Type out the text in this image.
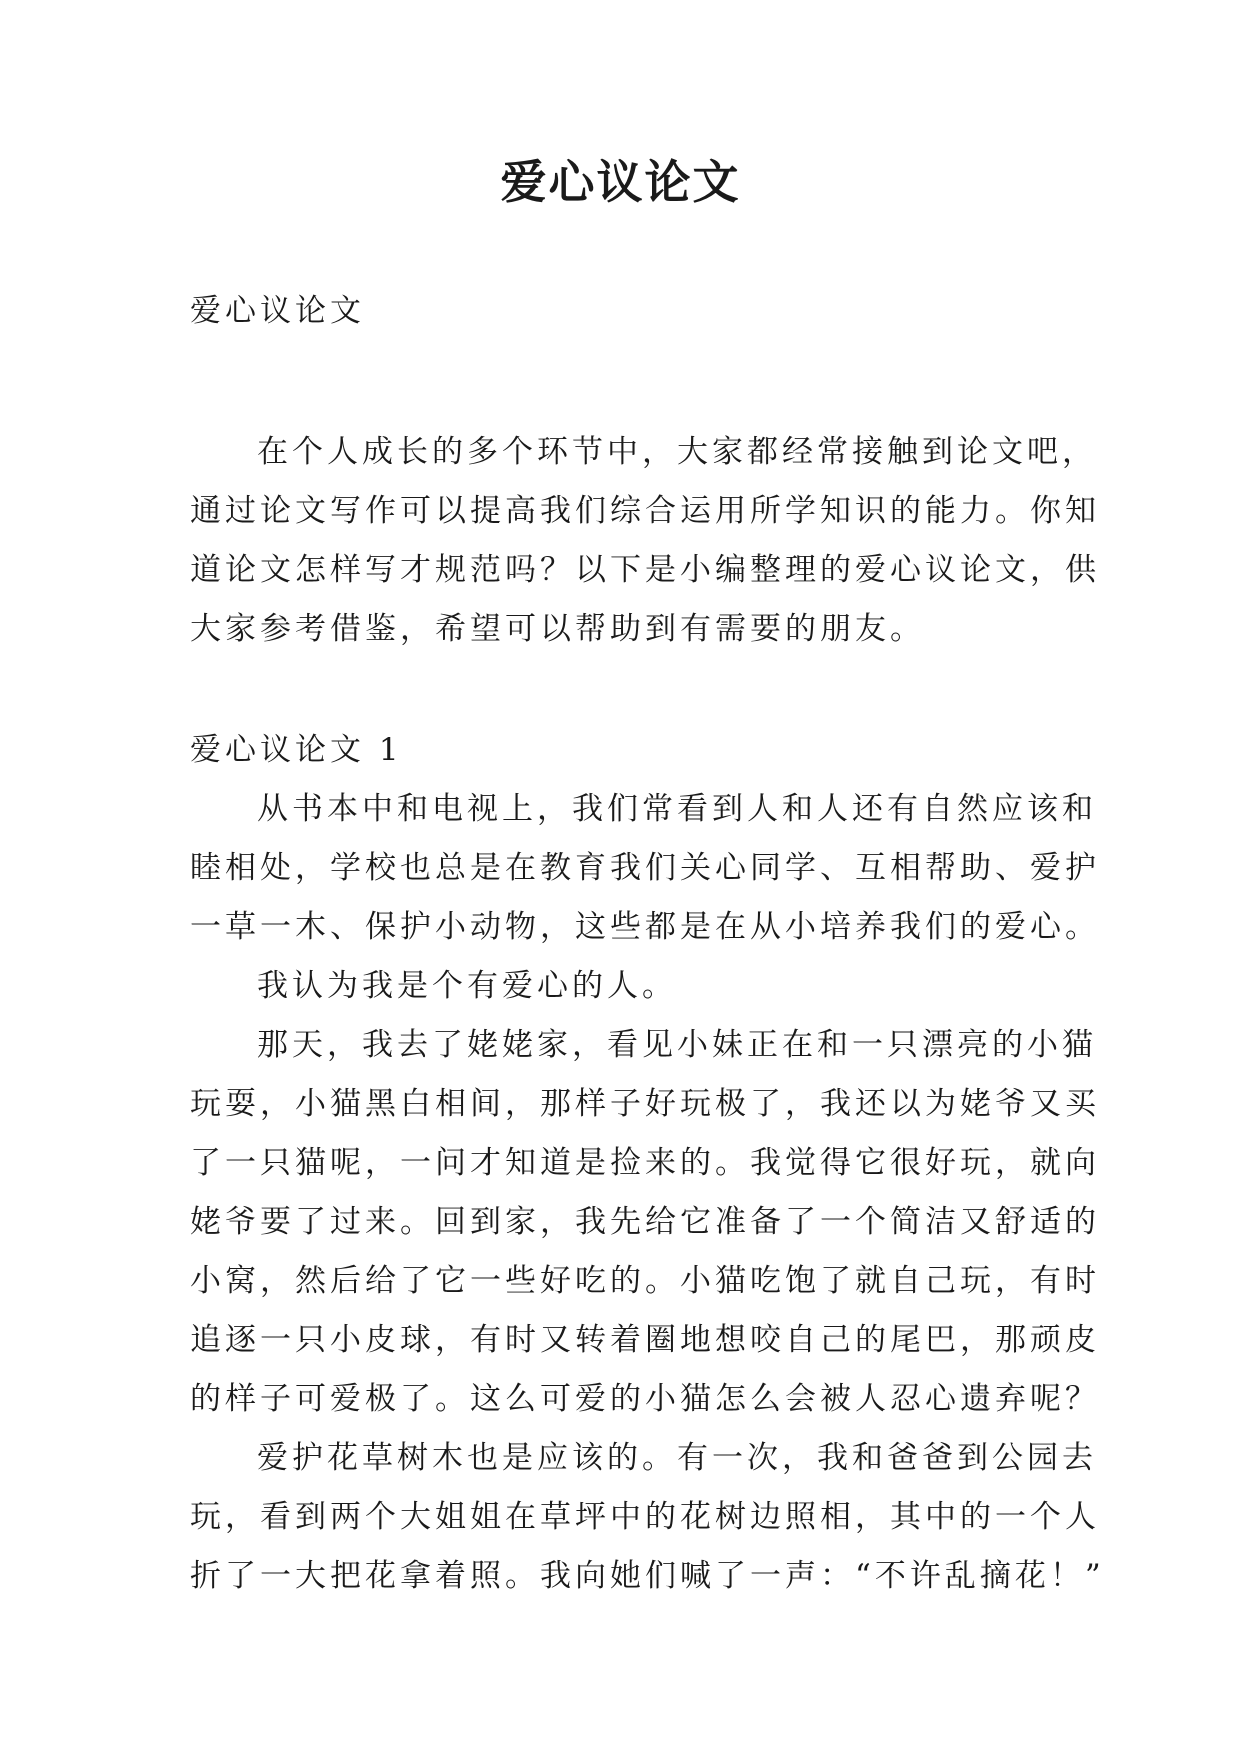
爱心议论文
爱心议论文
在个人成长的多个环节中，大家都经常接触到论文吧，
通过论文写作可以提高我们综合运用所学知识的能力。你知
道论文怎样写才规范吗？以下是小编整理的爱心议论文，供
大家参考借鉴，希望可以帮助到有需要的朋友。
爱心议论文 1
从书本中和电视上，我们常看到人和人还有自然应该和
睦相处，学校也总是在教育我们关心同学、互相帮助、爱护
一草一木、保护小动物，这些都是在从小培养我们的爱心。
我认为我是个有爱心的人。
那天，我去了姥姥家，看见小妹正在和一只漂亮的小猫
玩耍，小猫黑白相间，那样子好玩极了，我还以为姥爷又买
了一只猫呢，一问才知道是捡来的。我觉得它很好玩，就向
姥爷要了过来。回到家，我先给它准备了一个简洁又舒适的
小窝，然后给了它一些好吃的。小猫吃饱了就自己玩，有时
追逐一只小皮球，有时又转着圈地想咬自己的尾巴，那顽皮
的样子可爱极了。这么可爱的小猫怎么会被人忍心遗弃呢？
爱护花草树木也是应该的。有一次，我和爸爸到公园去
玩，看到两个大姐姐在草坪中的花树边照相，其中的一个人
折了一大把花拿着照。我向她们喊了一声：“不许乱摘花！”
